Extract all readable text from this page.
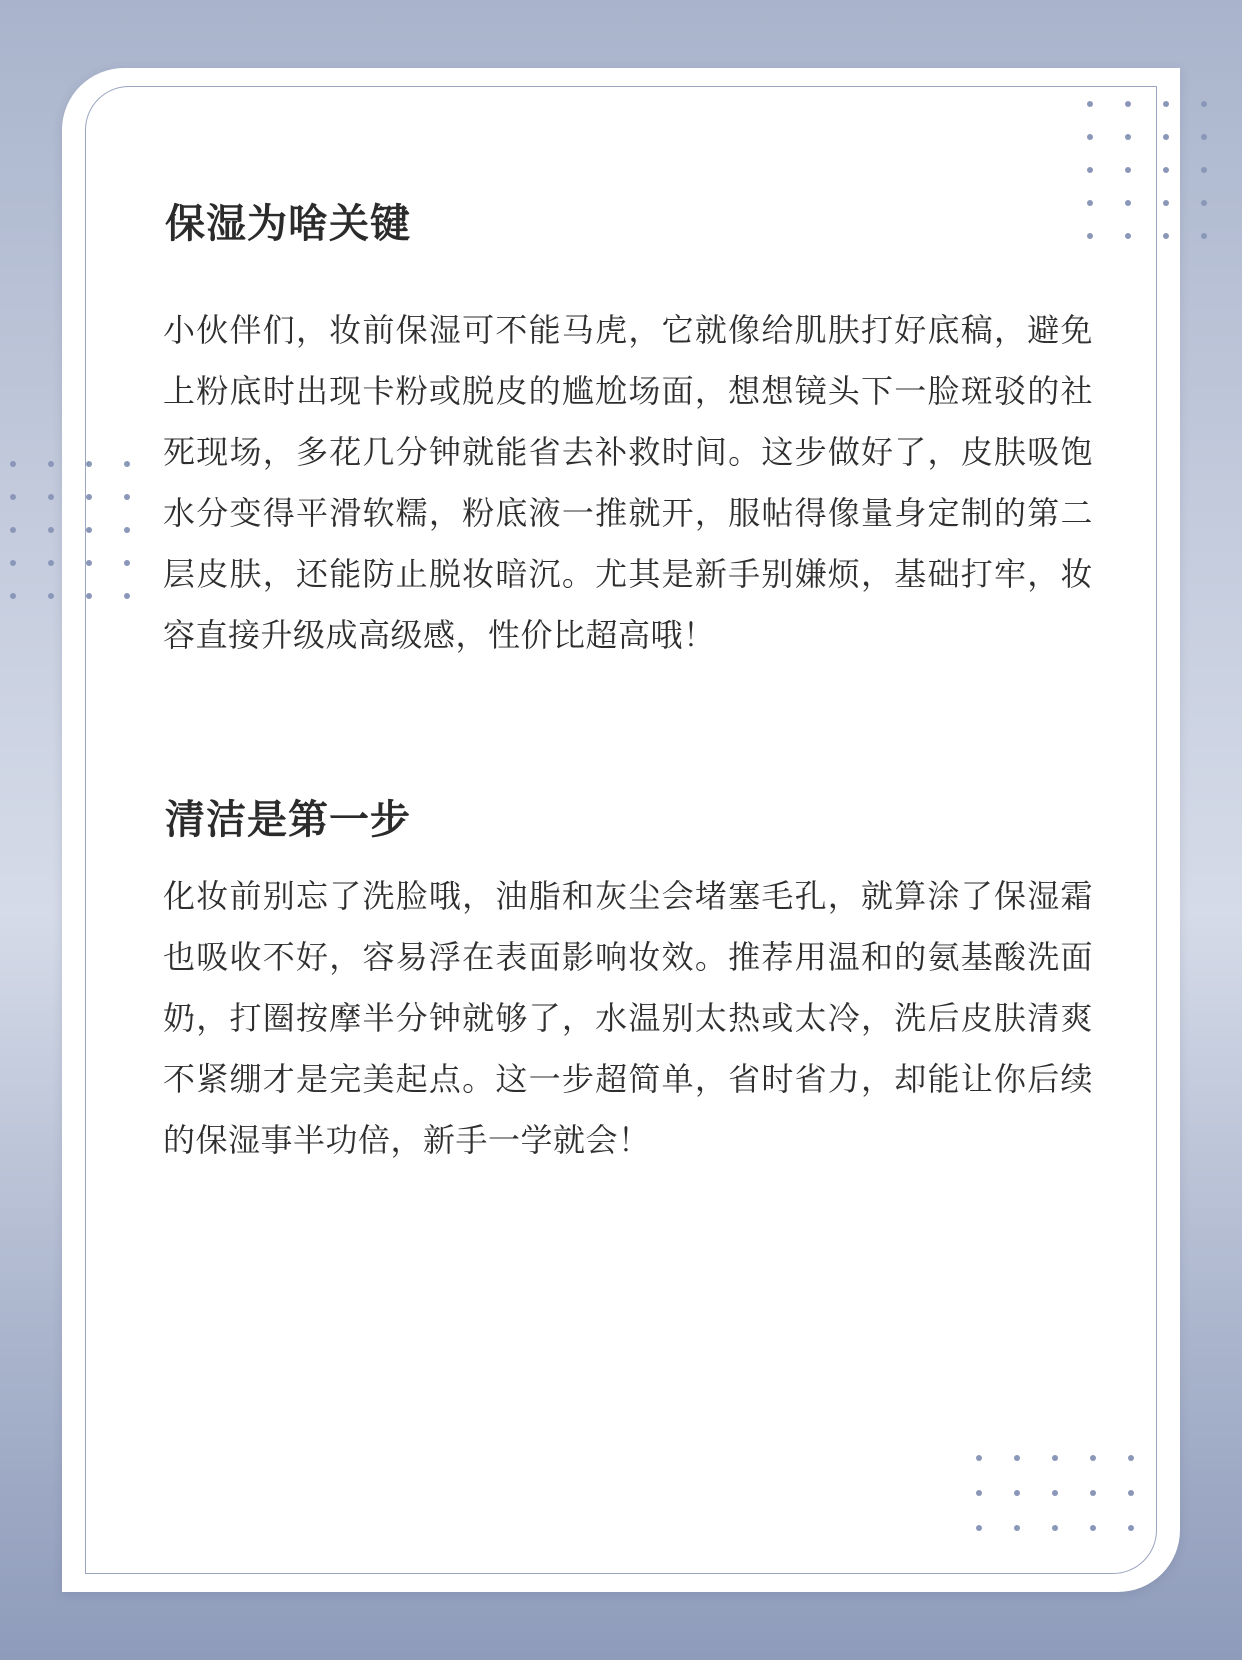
保湿为啥关键

小伙伴们，妆前保湿可不能马虎，它就像给肌肤打好底稿，避免上粉底时出现卡粉或脱皮的尴尬场面，想想镜头下一脸斑驳的社死现场，多花几分钟就能省去补救时间。这步做好了，皮肤吸饱水分变得平滑软糯，粉底液一推就开，服帖得像量身定制的第二层皮肤，还能防止脱妆暗沉。尤其是新手别嫌烦，基础打牢，妆容直接升级成高级感，性价比超高哦！

清洁是第一步

化妆前别忘了洗脸哦，油脂和灰尘会堵塞毛孔，就算涂了保湿霜也吸收不好，容易浮在表面影响妆效。推荐用温和的氨基酸洗面奶，打圈按摩半分钟就够了，水温别太热或太冷，洗后皮肤清爽不紧绷才是完美起点。这一步超简单，省时省力，却能让你后续的保湿事半功倍，新手一学就会！
